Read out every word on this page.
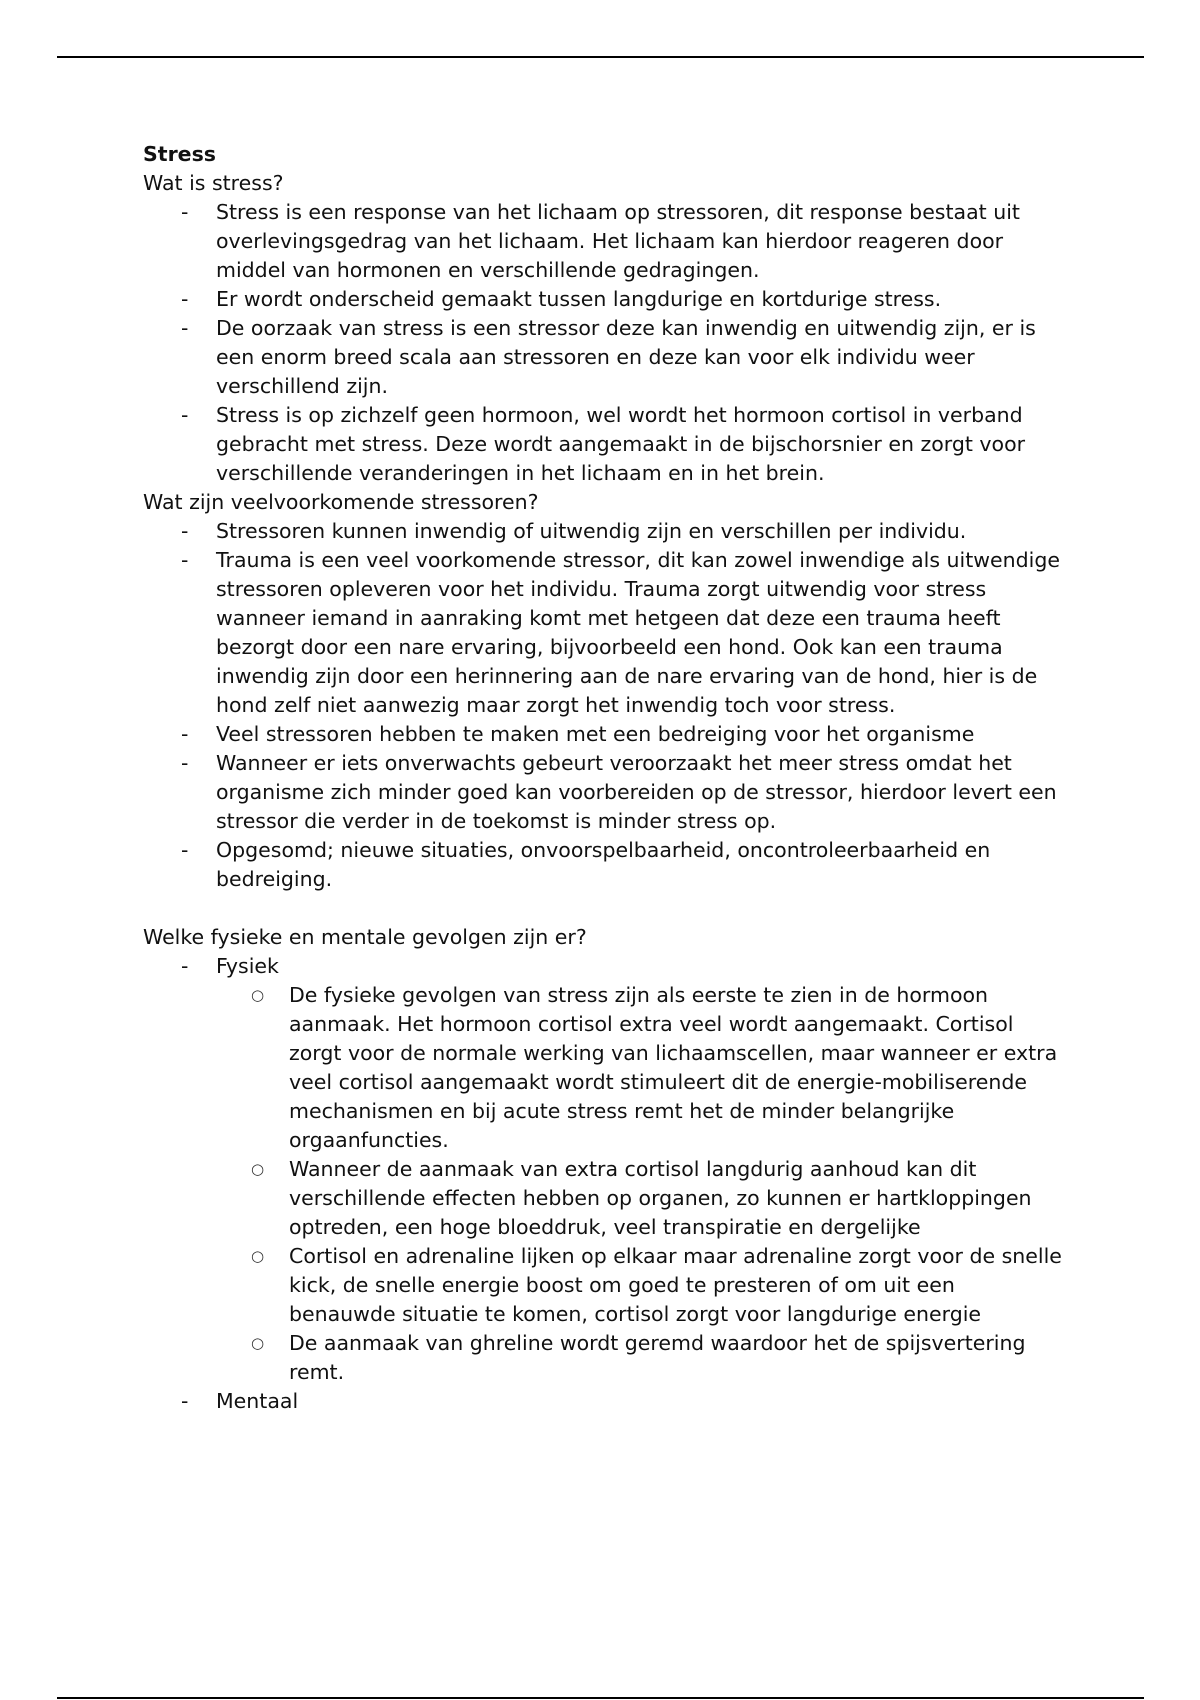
Stress
Wat is stress?
- Stress is een response van het lichaam op stressoren, dit response bestaat uit overlevingsgedrag van het lichaam. Het lichaam kan hierdoor reageren door middel van hormonen en verschillende gedragingen.
- Er wordt onderscheid gemaakt tussen langdurige en kortdurige stress.
- De oorzaak van stress is een stressor deze kan inwendig en uitwendig zijn, er is een enorm breed scala aan stressoren en deze kan voor elk individu weer verschillend zijn.
- Stress is op zichzelf geen hormoon, wel wordt het hormoon cortisol in verband gebracht met stress. Deze wordt aangemaakt in de bijschorsnier en zorgt voor verschillende veranderingen in het lichaam en in het brein.
Wat zijn veelvoorkomende stressoren?
- Stressoren kunnen inwendig of uitwendig zijn en verschillen per individu.
- Trauma is een veel voorkomende stressor, dit kan zowel inwendige als uitwendige stressoren opleveren voor het individu. Trauma zorgt uitwendig voor stress wanneer iemand in aanraking komt met hetgeen dat deze een trauma heeft bezorgt door een nare ervaring, bijvoorbeeld een hond. Ook kan een trauma inwendig zijn door een herinnering aan de nare ervaring van de hond, hier is de hond zelf niet aanwezig maar zorgt het inwendig toch voor stress.
- Veel stressoren hebben te maken met een bedreiging voor het organisme
- Wanneer er iets onverwachts gebeurt veroorzaakt het meer stress omdat het organisme zich minder goed kan voorbereiden op de stressor, hierdoor levert een stressor die verder in de toekomst is minder stress op.
- Opgesomd; nieuwe situaties, onvoorspelbaarheid, oncontroleerbaarheid en bedreiging.
Welke fysieke en mentale gevolgen zijn er?
- Fysiek
○ De fysieke gevolgen van stress zijn als eerste te zien in de hormoon aanmaak. Het hormoon cortisol extra veel wordt aangemaakt. Cortisol zorgt voor de normale werking van lichaamscellen, maar wanneer er extra veel cortisol aangemaakt wordt stimuleert dit de energie-mobiliserende mechanismen en bij acute stress remt het de minder belangrijke orgaanfuncties.
○ Wanneer de aanmaak van extra cortisol langdurig aanhoud kan dit verschillende effecten hebben op organen, zo kunnen er hartkloppingen optreden, een hoge bloeddruk, veel transpiratie en dergelijke
○ Cortisol en adrenaline lijken op elkaar maar adrenaline zorgt voor de snelle kick, de snelle energie boost om goed te presteren of om uit een benauwde situatie te komen, cortisol zorgt voor langdurige energie
○ De aanmaak van ghreline wordt geremd waardoor het de spijsvertering remt.
- Mentaal
